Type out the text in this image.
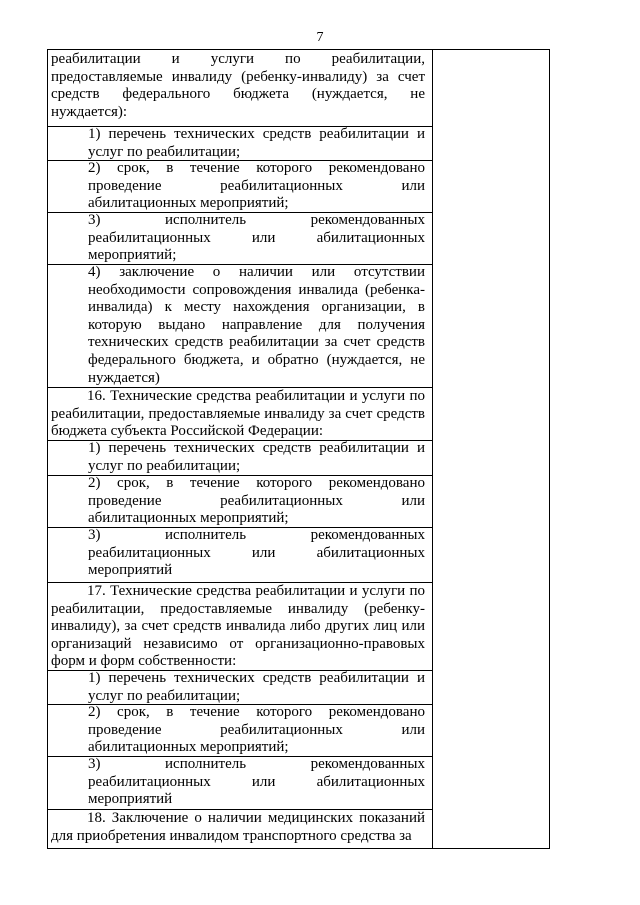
7

реабилитации и услуги по реабилитации, предоставляемые инвалиду (ребенку-инвалиду) за счет средств федерального бюджета (нуждается, не нуждается):

1) перечень технических средств реабилитации и услуг по реабилитации;

2) срок, в течение которого рекомендовано проведение реабилитационных или абилитационных мероприятий;

3) исполнитель рекомендованных реабилитационных или абилитационных мероприятий;

4) заключение о наличии или отсутствии необходимости сопровождения инвалида (ребенка-инвалида) к месту нахождения организации, в которую выдано направление для получения технических средств реабилитации за счет средств федерального бюджета, и обратно (нуждается, не нуждается)

16. Технические средства реабилитации и услуги по реабилитации, предоставляемые инвалиду за счет средств бюджета субъекта Российской Федерации:

1) перечень технических средств реабилитации и услуг по реабилитации;

2) срок, в течение которого рекомендовано проведение реабилитационных или абилитационных мероприятий;

3) исполнитель рекомендованных реабилитационных или абилитационных мероприятий

17. Технические средства реабилитации и услуги по реабилитации, предоставляемые инвалиду (ребенку-инвалиду), за счет средств инвалида либо других лиц или организаций независимо от организационно-правовых форм и форм собственности:

1) перечень технических средств реабилитации и услуг по реабилитации;

2) срок, в течение которого рекомендовано проведение реабилитационных или абилитационных мероприятий;

3) исполнитель рекомендованных реабилитационных или абилитационных мероприятий

18. Заключение о наличии медицинских показаний для приобретения инвалидом транспортного средства за
